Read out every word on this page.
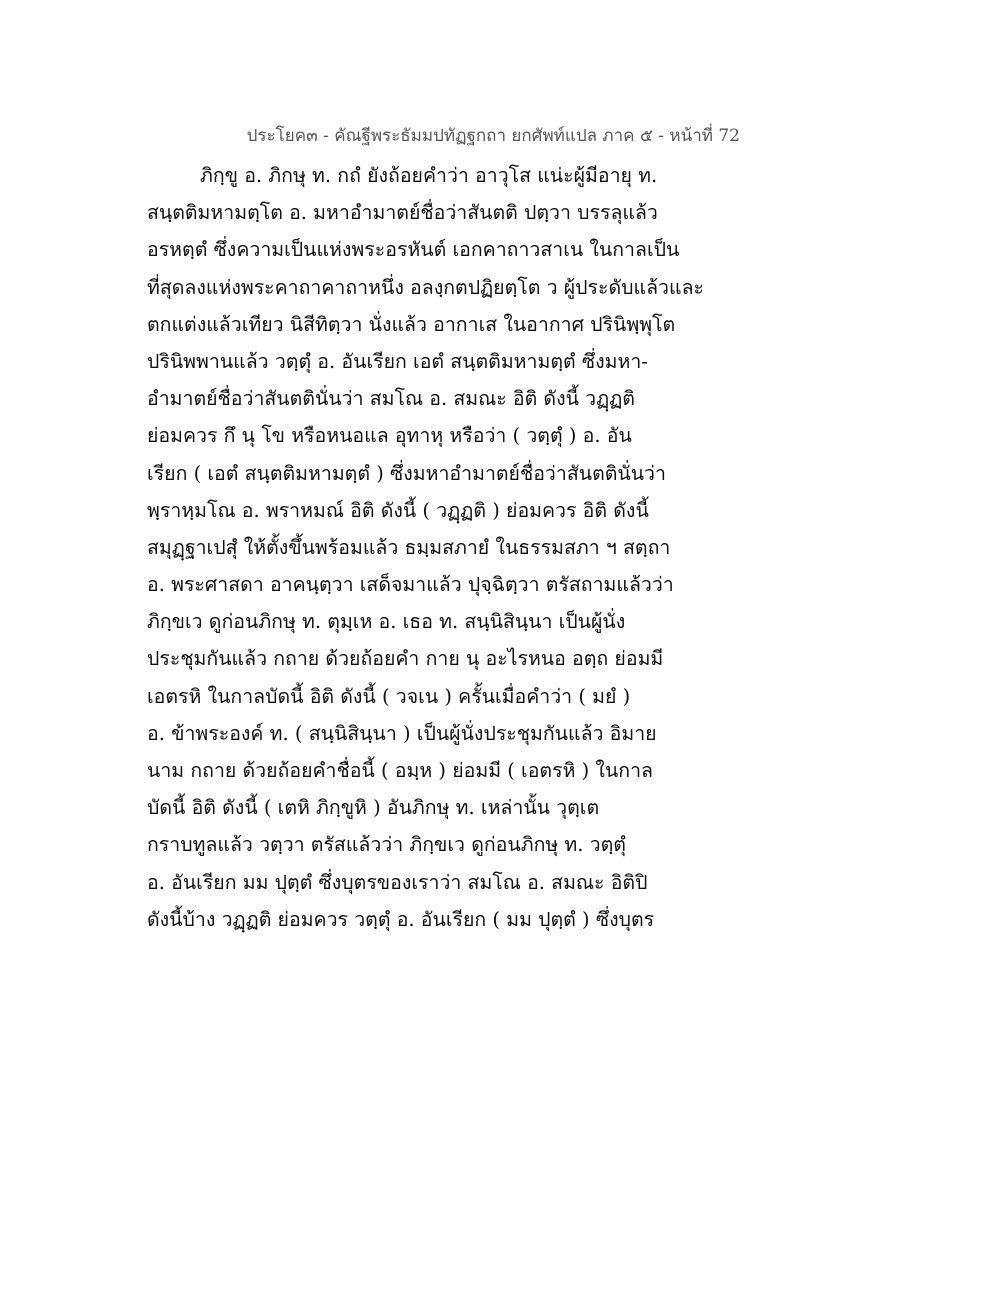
ประโยค๓ - คัณฐีพระธัมมปทัฏฐกถา ยกศัพท์แปล ภาค ๕ - หน้าที่ 72
ภิกฺขู อ. ภิกษุ ท. กถํ ยังถ้อยคำว่า อาวุโส แน่ะผู้มีอายุ ท.
สนฺตติมหามตฺโต อ. มหาอำมาตย์ชื่อว่าสันตติ ปตฺวา บรรลุแล้ว
อรหตฺตํ ซึ่งความเป็นแห่งพระอรหันต์ เอกคาถาวสาเน ในกาลเป็น
ที่สุดลงแห่งพระคาถาคาถาหนึ่ง อลงฺกตปฏิยตฺโต ว ผู้ประดับแล้วและ
ตกแต่งแล้วเทียว นิสีทิตฺวา นั่งแล้ว อากาเส ในอากาศ ปรินิพฺพุโต
ปรินิพพานแล้ว วตฺตุํ อ. อันเรียก เอตํ สนฺตติมหามตฺตํ ซึ่งมหา-
อำมาตย์ชื่อว่าสันตตินั่นว่า สมโณ อ. สมณะ อิติ ดังนี้ วฏฺฏติ
ย่อมควร กึ นุ โข หรือหนอแล อุทาหุ หรือว่า ( วตฺตุํ ) อ. อัน
เรียก ( เอตํ สนฺตติมหามตฺตํ ) ซึ่งมหาอำมาตย์ชื่อว่าสันตตินั่นว่า
พฺราหฺมโณ อ. พราหมณ์ อิติ ดังนี้ ( วฏฺฏติ ) ย่อมควร อิติ ดังนี้
สมุฏฺฐาเปสุํ ให้ตั้งขึ้นพร้อมแล้ว ธมฺมสภายํ ในธรรมสภา ฯ สตฺถา
อ. พระศาสดา อาคนฺตฺวา เสด็จมาแล้ว ปุจฺฉิตฺวา ตรัสถามแล้วว่า
ภิกฺขเว ดูก่อนภิกษุ ท. ตุมฺเห อ. เธอ ท. สนฺนิสินฺนา เป็นผู้นั่ง
ประชุมกันแล้ว กถาย ด้วยถ้อยคำ กาย นุ อะไรหนอ อตฺถ ย่อมมี
เอตรหิ ในกาลบัดนี้ อิติ ดังนี้ ( วจเน ) ครั้นเมื่อคำว่า ( มยํ )
อ. ข้าพระองค์ ท. ( สนฺนิสินฺนา ) เป็นผู้นั่งประชุมกันแล้ว อิมาย
นาม กถาย ด้วยถ้อยคำชื่อนี้ ( อมฺห ) ย่อมมี ( เอตรหิ ) ในกาล
บัดนี้ อิติ ดังนี้ ( เตหิ ภิกฺขูหิ ) อันภิกษุ ท. เหล่านั้น วุตฺเต
กราบทูลแล้ว วตฺวา ตรัสแล้วว่า ภิกฺขเว ดูก่อนภิกษุ ท. วตฺตุํ
อ. อันเรียก มม ปุตฺตํ ซึ่งบุตรของเราว่า สมโณ อ. สมณะ อิติปิ
ดังนี้บ้าง วฏฺฏติ ย่อมควร วตฺตุํ อ. อันเรียก ( มม ปุตฺตํ ) ซึ่งบุตร
